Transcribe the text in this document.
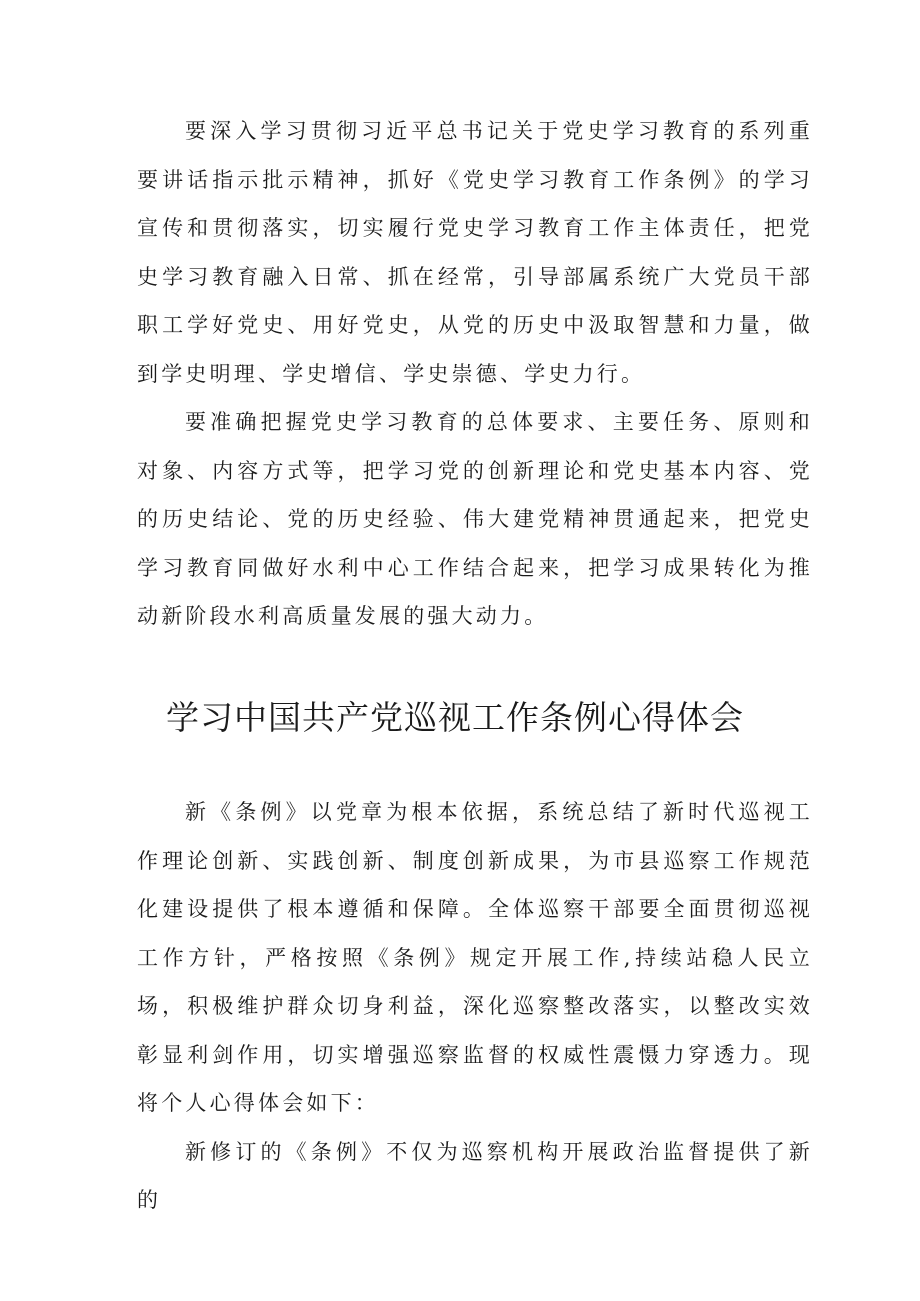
要深入学习贯彻习近平总书记关于党史学习教育的系列重要讲话指示批示精神，抓好《党史学习教育工作条例》的学习宣传和贯彻落实，切实履行党史学习教育工作主体责任，把党史学习教育融入日常、抓在经常，引导部属系统广大党员干部职工学好党史、用好党史，从党的历史中汲取智慧和力量，做到学史明理、学史增信、学史崇德、学史力行。

要准确把握党史学习教育的总体要求、主要任务、原则和对象、内容方式等，把学习党的创新理论和党史基本内容、党的历史结论、党的历史经验、伟大建党精神贯通起来，把党史学习教育同做好水利中心工作结合起来，把学习成果转化为推动新阶段水利高质量发展的强大动力。

学习中国共产党巡视工作条例心得体会

新《条例》以党章为根本依据，系统总结了新时代巡视工作理论创新、实践创新、制度创新成果，为市县巡察工作规范化建设提供了根本遵循和保障。全体巡察干部要全面贯彻巡视工作方针，严格按照《条例》规定开展工作,持续站稳人民立场，积极维护群众切身利益，深化巡察整改落实，以整改实效彰显利剑作用，切实增强巡察监督的权威性震慑力穿透力。现将个人心得体会如下：

新修订的《条例》不仅为巡察机构开展政治监督提供了新的
